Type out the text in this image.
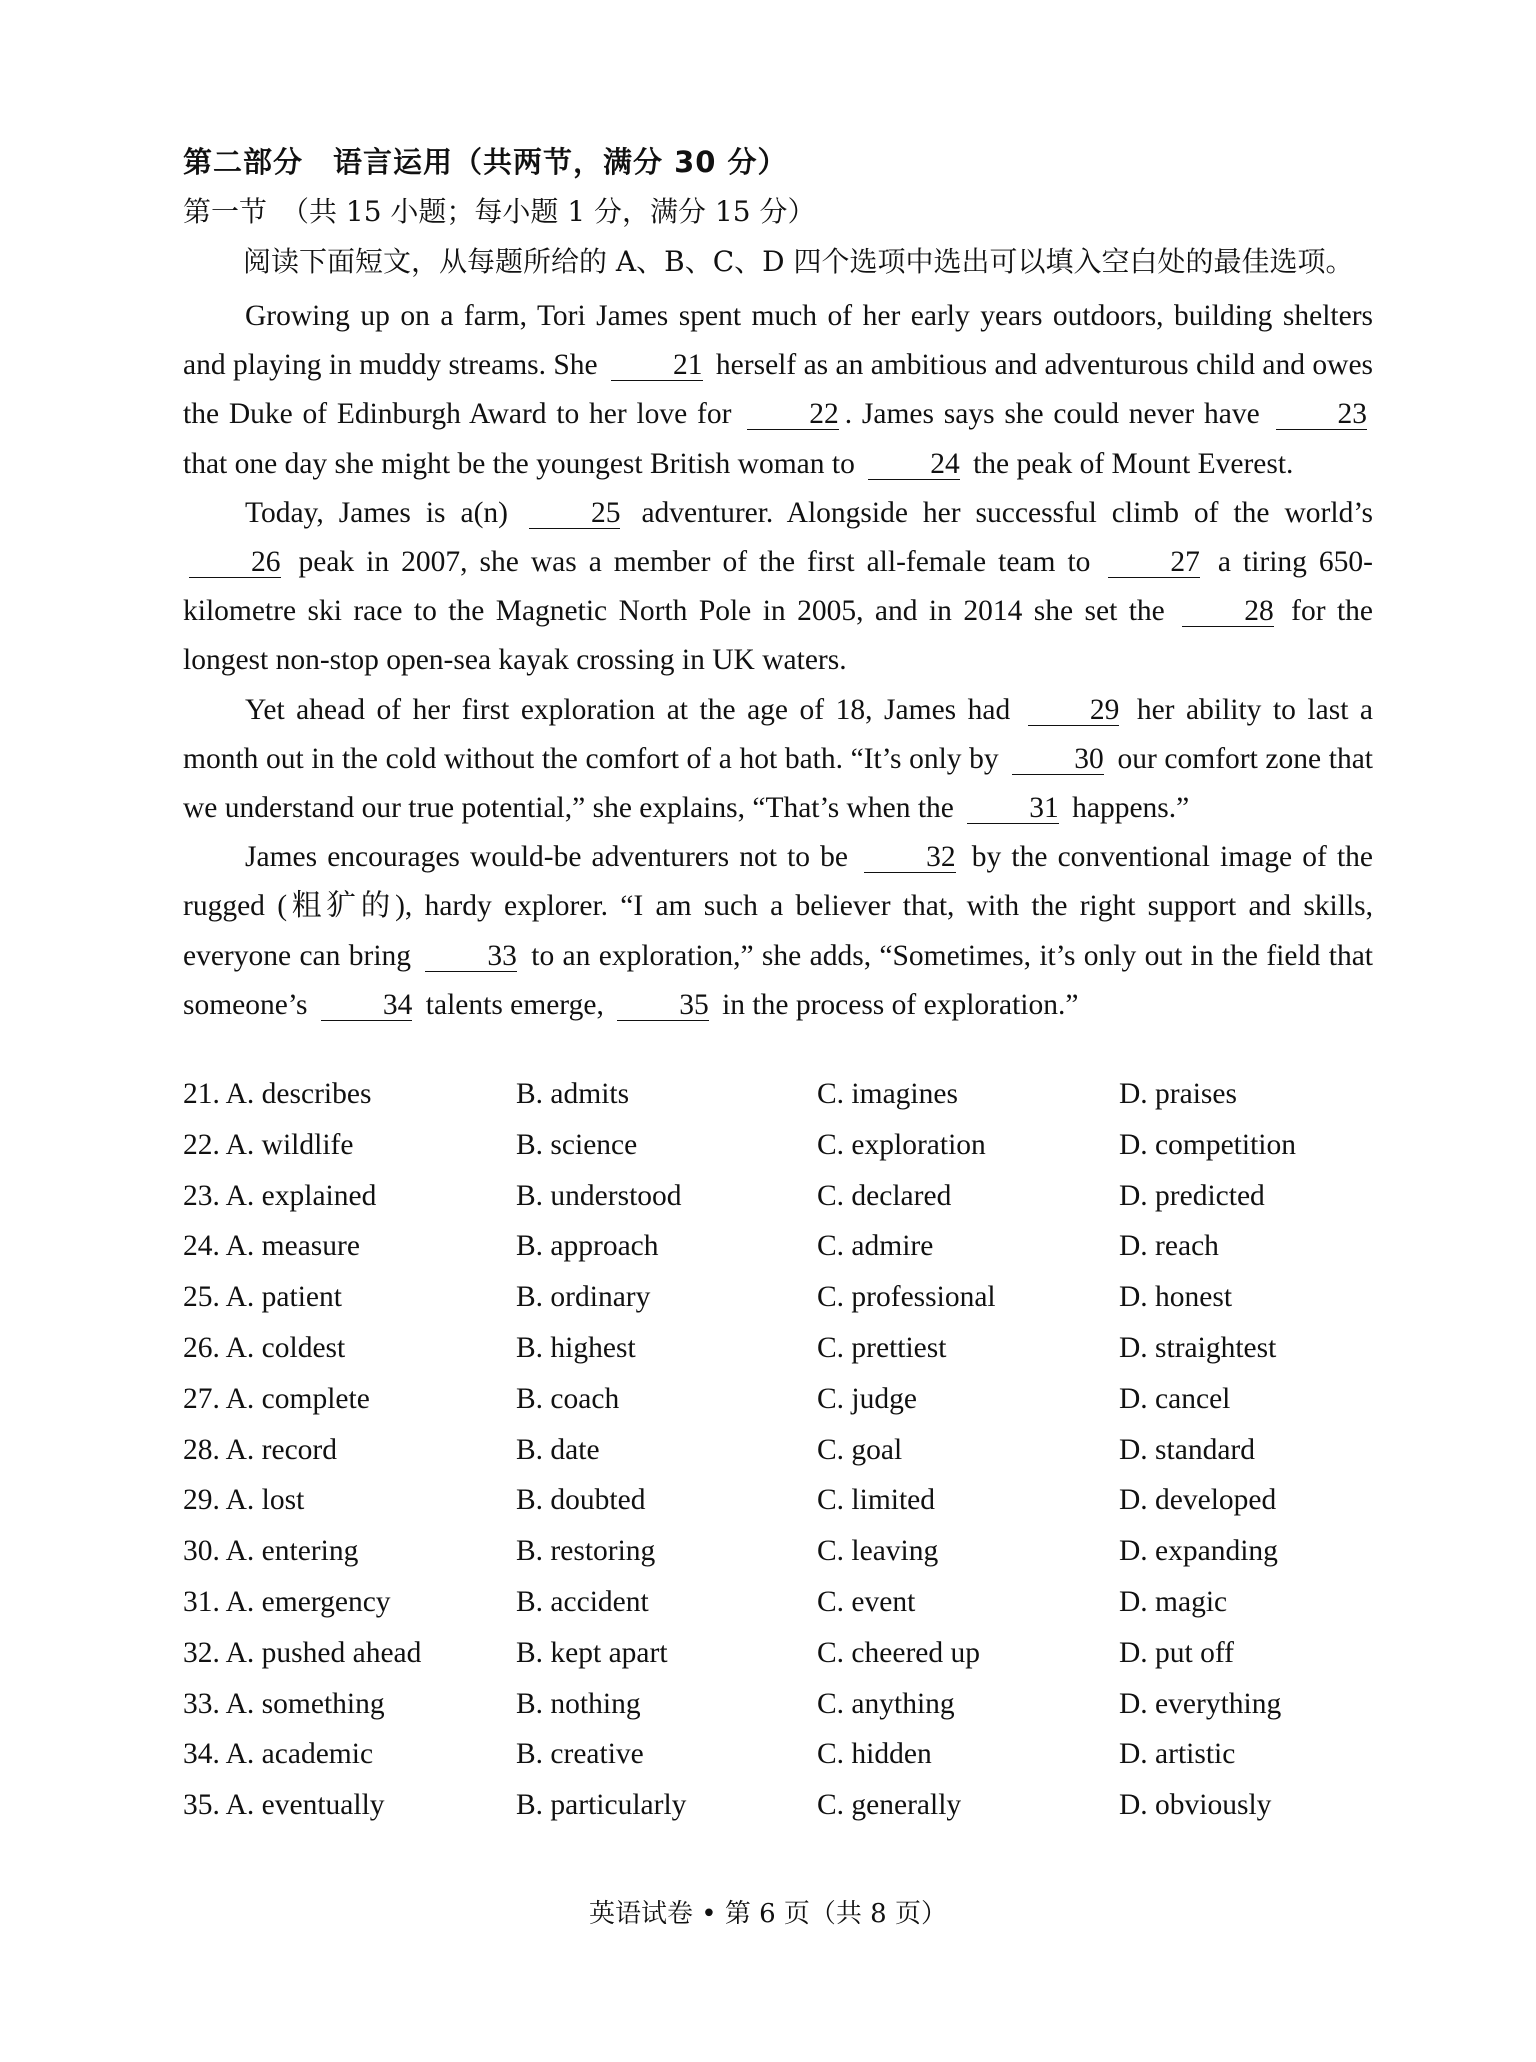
第二部分　语言运用（共两节，满分 30 分）
第一节　（共 15 小题；每小题 1 分，满分 15 分）
阅读下面短文，从每题所给的 A、B、C、D 四个选项中选出可以填入空白处的最佳选项。

Growing up on a farm, Tori James spent much of her early years outdoors, building shelters and playing in muddy streams. She	21 herself as an ambitious and adventurous child and owes the Duke of Edinburgh Award to her love for	22 . James says she could never have	23 that one day she might be the youngest British woman to	24 the peak of Mount Everest.

Today, James is a(n)	25 adventurer. Alongside her successful climb of the world’s 26 peak in 2007, she was a member of the first all-female team to	27 a tiring 650-kilometre ski race to the Magnetic North Pole in 2005, and in 2014 she set the	28 for the longest non-stop open-sea kayak crossing in UK waters.

Yet ahead of her first exploration at the age of 18, James had	29 her ability to last a month out in the cold without the comfort of a hot bath. “It’s only by	30 our comfort zone that we understand our true potential,” she explains, “That’s when the	31 happens.”

James encourages would-be adventurers not to be	32 by the conventional image of the rugged (粗犷的), hardy explorer. “I am such a believer that, with the right support and skills, everyone can bring	33 to an exploration,” she adds, “Sometimes, it’s only out in the field that someone’s	34 talents emerge,	35 in the process of exploration.”

21. A. describes	B. admits	C. imagines	D. praises
22. A. wildlife	B. science	C. exploration	D. competition
23. A. explained	B. understood	C. declared	D. predicted
24. A. measure	B. approach	C. admire	D. reach
25. A. patient	B. ordinary	C. professional	D. honest
26. A. coldest	B. highest	C. prettiest	D. straightest
27. A. complete	B. coach	C. judge	D. cancel
28. A. record	B. date	C. goal	D. standard
29. A. lost	B. doubted	C. limited	D. developed
30. A. entering	B. restoring	C. leaving	D. expanding
31. A. emergency	B. accident	C. event	D. magic
32. A. pushed ahead	B. kept apart	C. cheered up	D. put off
33. A. something	B. nothing	C. anything	D. everything
34. A. academic	B. creative	C. hidden	D. artistic
35. A. eventually	B. particularly	C. generally	D. obviously
英语试卷 • 第 6 页（共 8 页）
